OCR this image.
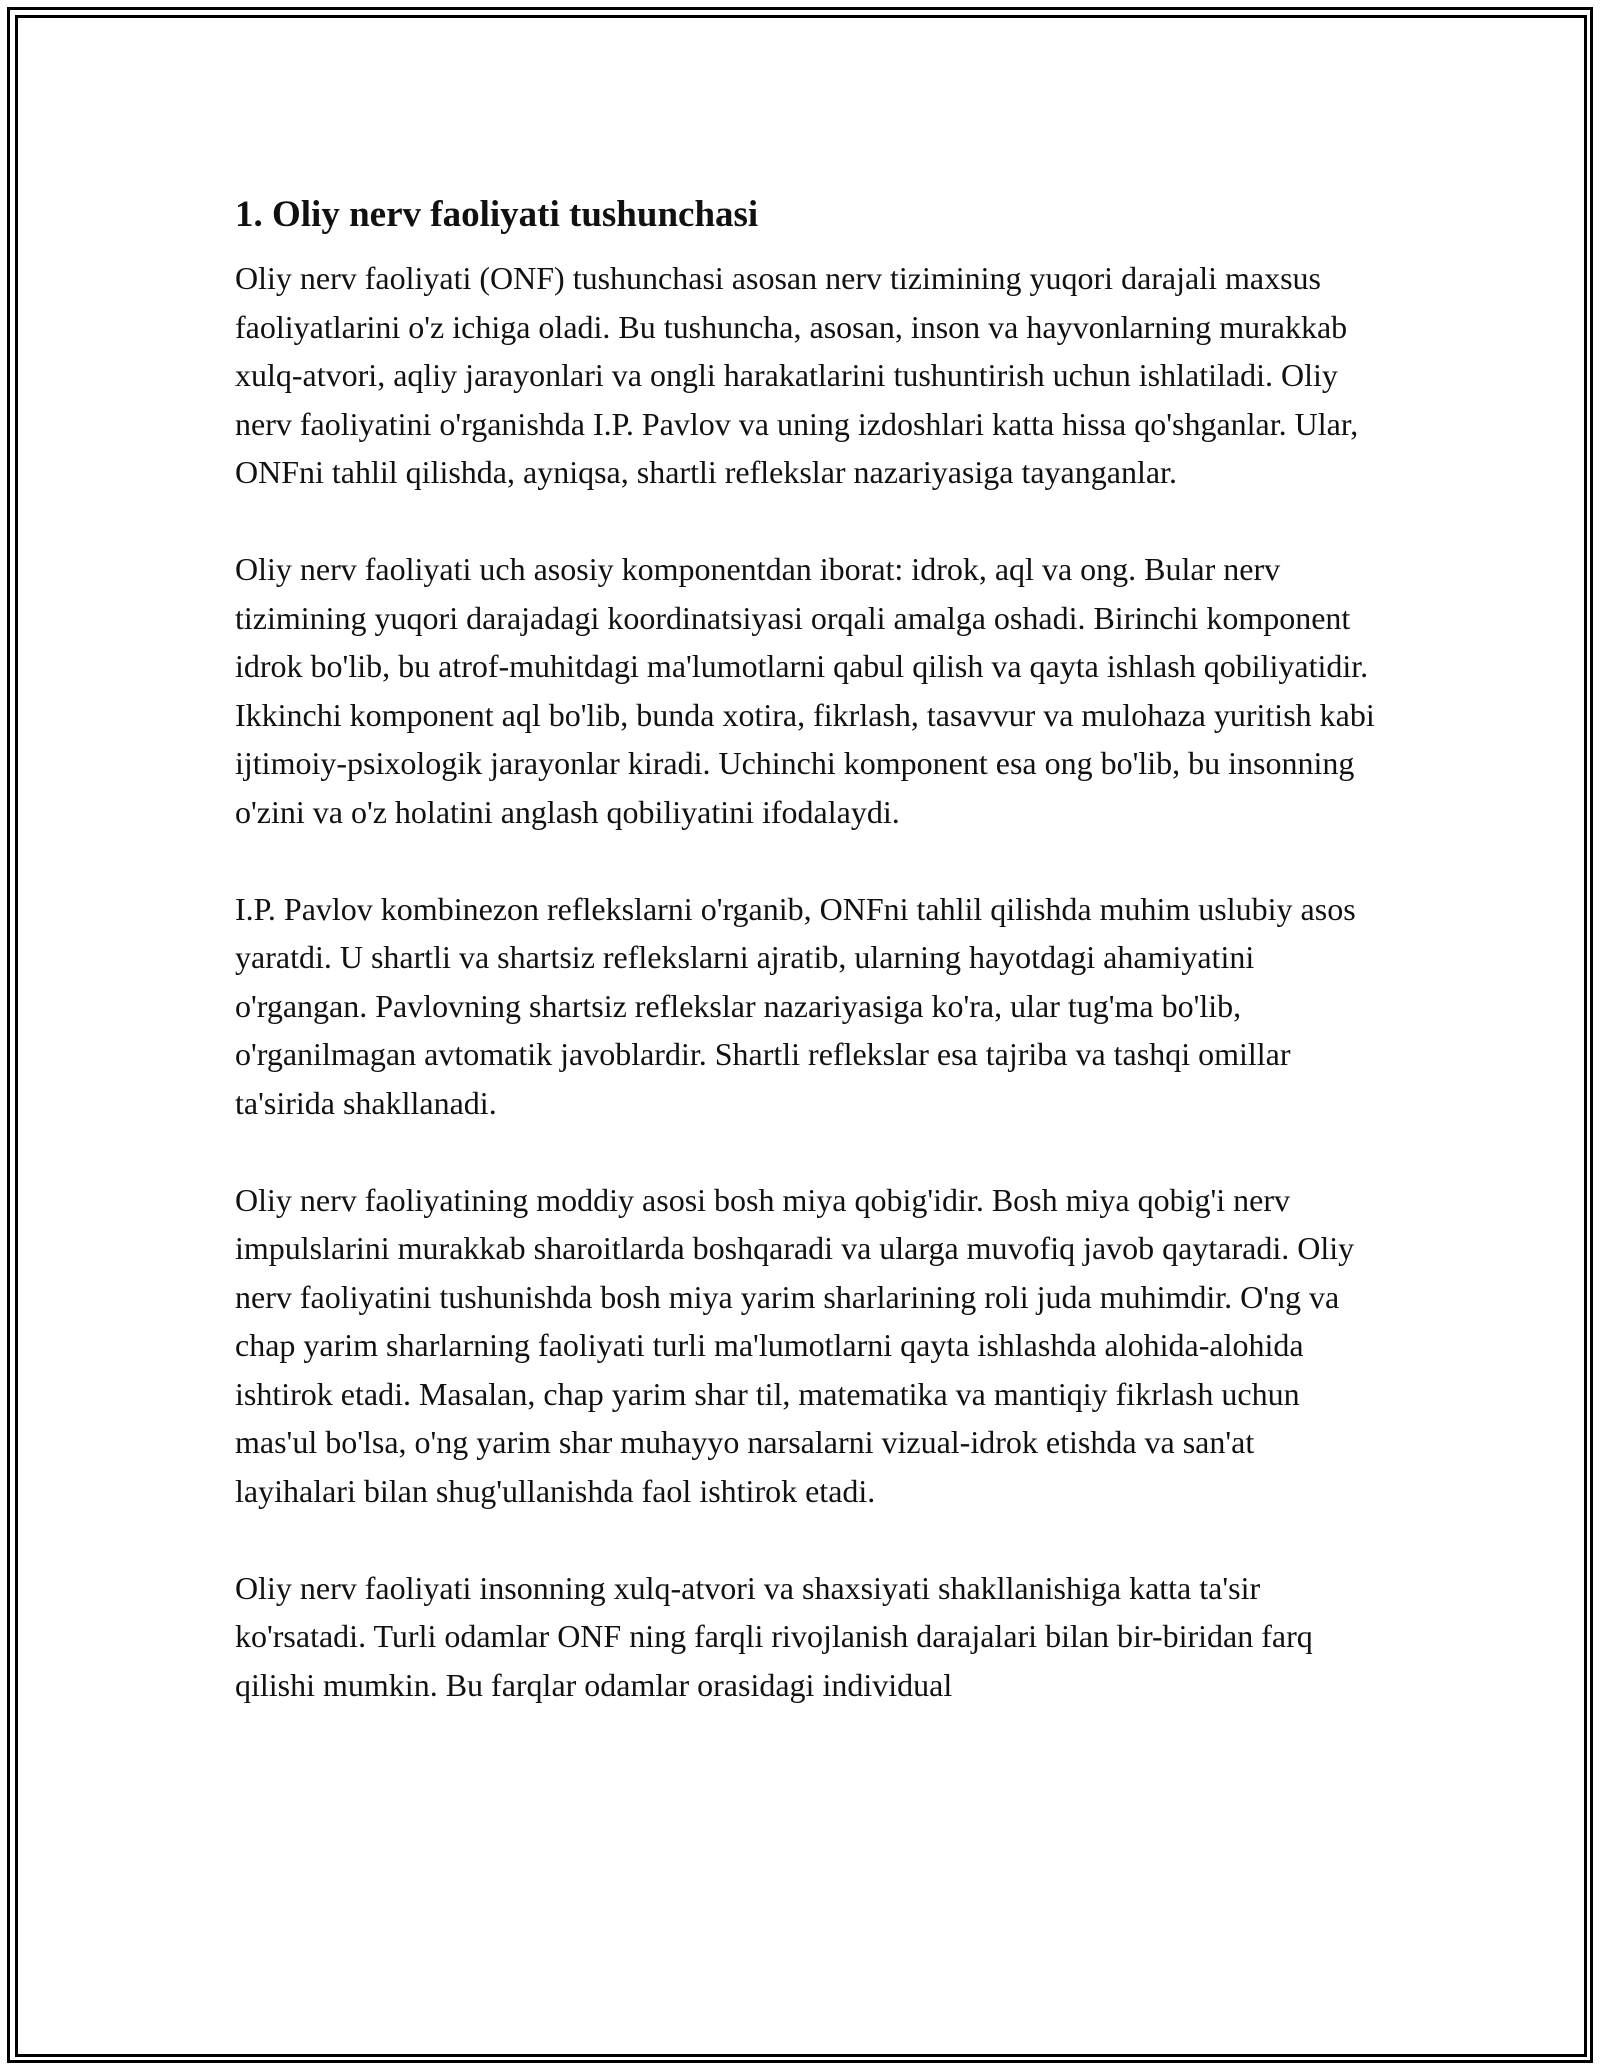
1. Oliy nerv faoliyati tushunchasi

Oliy nerv faoliyati (ONF) tushunchasi asosan nerv tizimining yuqori darajali maxsus faoliyatlarini o'z ichiga oladi. Bu tushuncha, asosan, inson va hayvonlarning murakkab xulq-atvori, aqliy jarayonlari va ongli harakatlarini tushuntirish uchun ishlatiladi. Oliy nerv faoliyatini o'rganishda I.P. Pavlov va uning izdoshlari katta hissa qo'shganlar. Ular, ONFni tahlil qilishda, ayniqsa, shartli reflekslar nazariyasiga tayanganlar.

Oliy nerv faoliyati uch asosiy komponentdan iborat: idrok, aql va ong. Bular nerv tizimining yuqori darajadagi koordinatsiyasi orqali amalga oshadi. Birinchi komponent idrok bo'lib, bu atrof-muhitdagi ma'lumotlarni qabul qilish va qayta ishlash qobiliyatidir. Ikkinchi komponent aql bo'lib, bunda xotira, fikrlash, tasavvur va mulohaza yuritish kabi ijtimoiy-psixologik jarayonlar kiradi. Uchinchi komponent esa ong bo'lib, bu insonning o'zini va o'z holatini anglash qobiliyatini ifodalaydi.

I.P. Pavlov kombinezon reflekslarni o'rganib, ONFni tahlil qilishda muhim uslubiy asos yaratdi. U shartli va shartsiz reflekslarni ajratib, ularning hayotdagi ahamiyatini o'rgangan. Pavlovning shartsiz reflekslar nazariyasiga ko'ra, ular tug'ma bo'lib, o'rganilmagan avtomatik javoblardir. Shartli reflekslar esa tajriba va tashqi omillar ta'sirida shakllanadi.

Oliy nerv faoliyatining moddiy asosi bosh miya qobig'idir. Bosh miya qobig'i nerv impulslarini murakkab sharoitlarda boshqaradi va ularga muvofiq javob qaytaradi. Oliy nerv faoliyatini tushunishda bosh miya yarim sharlarining roli juda muhimdir. O'ng va chap yarim sharlarning faoliyati turli ma'lumotlarni qayta ishlashda alohida-alohida ishtirok etadi. Masalan, chap yarim shar til, matematika va mantiqiy fikrlash uchun mas'ul bo'lsa, o'ng yarim shar muhayyo narsalarni vizual-idrok etishda va san'at layihalari bilan shug'ullanishda faol ishtirok etadi.

Oliy nerv faoliyati insonning xulq-atvori va shaxsiyati shakllanishiga katta ta'sir ko'rsatadi. Turli odamlar ONF ning farqli rivojlanish darajalari bilan bir-biridan farq qilishi mumkin. Bu farqlar odamlar orasidagi individual
